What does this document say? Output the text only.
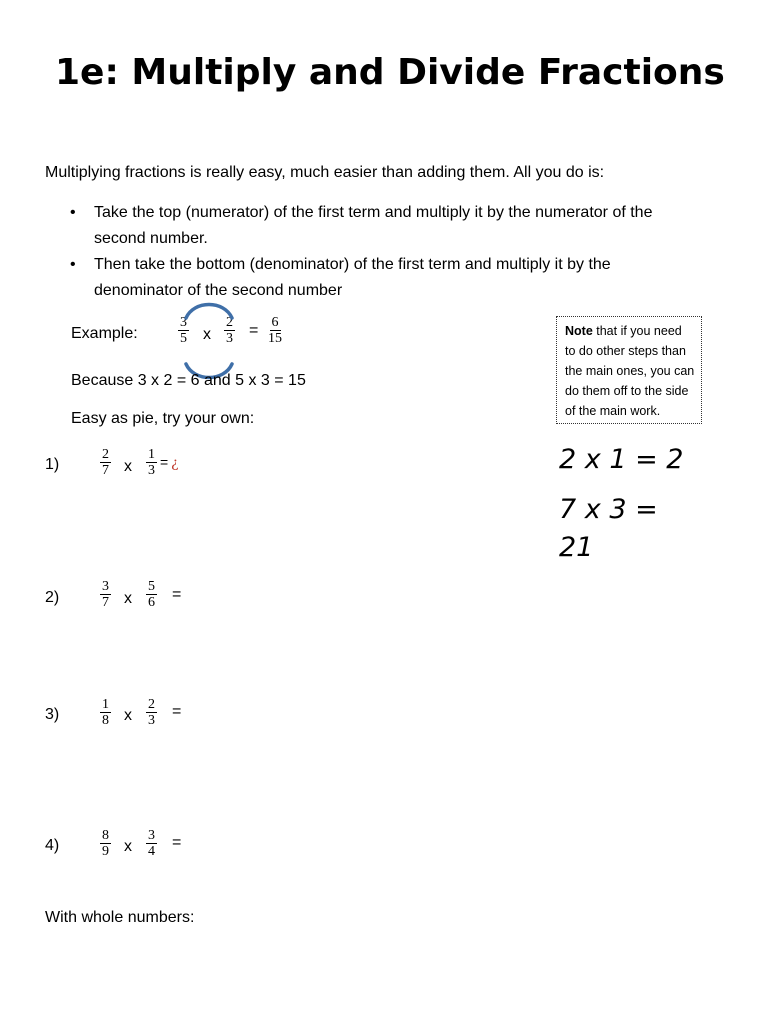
1e: Multiply and Divide Fractions
Multiplying fractions is really easy, much easier than adding them. All you do is:
• Take the top (numerator) of the first term and multiply it by the numerator of the second number.
• Then take the bottom (denominator) of the first term and multiply it by the denominator of the second number
Example:	$\frac{3}{5}$ x $\frac{2}{3} = \frac{6}{15}$
Because 3 x 2 = 6 and 5 x 3 = 15
Easy as pie, try your own:
Note that if you need to do other steps than the main ones, you can do them off to the side of the main work.
2 x 1 = 2
7 x 3 =
21
1)	$\frac{2}{7}$ x $\frac{1}{3}$ = ¿
2)	$\frac{3}{7}$ x $\frac{5}{6}$ =
3)	$\frac{1}{8}$ x $\frac{2}{3}$ =
4)	$\frac{8}{9}$ x $\frac{3}{4}$ =
With whole numbers:
